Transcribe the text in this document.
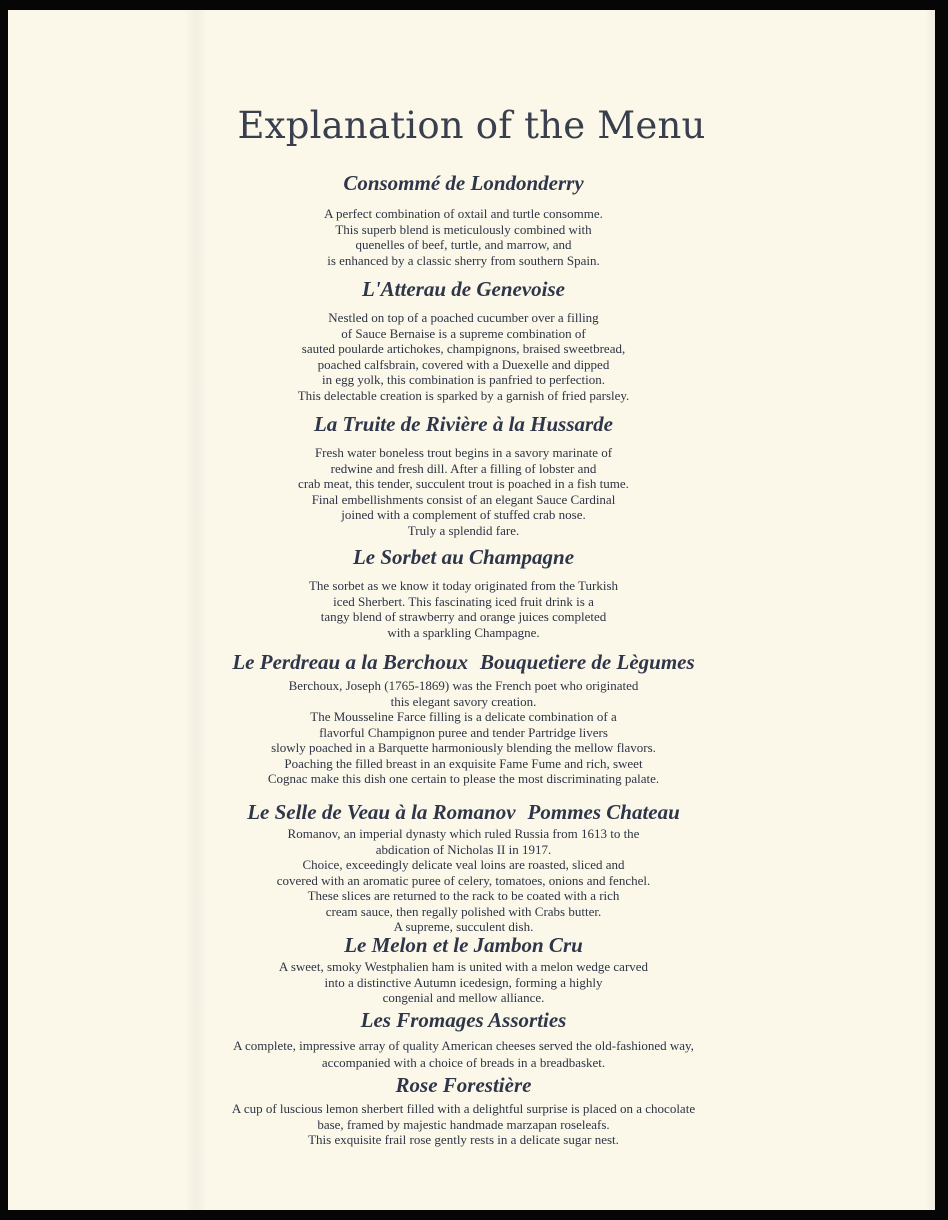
Explanation of the Menu
Consommé de Londonderry
A perfect combination of oxtail and turtle consomme.
This superb blend is meticulously combined with
quenelles of beef, turtle, and marrow, and
is enhanced by a classic sherry from southern Spain.
L'Atterau de Genevoise
Nestled on top of a poached cucumber over a filling
of Sauce Bernaise is a supreme combination of
sauted poularde artichokes, champignons, braised sweetbread,
poached calfsbrain, covered with a Duexelle and dipped
in egg yolk, this combination is panfried to perfection.
This delectable creation is sparked by a garnish of fried parsley.
La Truite de Rivière à la Hussarde
Fresh water boneless trout begins in a savory marinate of
redwine and fresh dill. After a filling of lobster and
crab meat, this tender, succulent trout is poached in a fish tume.
Final embellishments consist of an elegant Sauce Cardinal
joined with a complement of stuffed crab nose.
Truly a splendid fare.
Le Sorbet au Champagne
The sorbet as we know it today originated from the Turkish
iced Sherbert. This fascinating iced fruit drink is a
tangy blend of strawberry and orange juices completed
with a sparkling Champagne.
Le Perdreau a la Berchoux Bouquetiere de Lègumes
Berchoux, Joseph (1765-1869) was the French poet who originated
this elegant savory creation.
The Mousseline Farce filling is a delicate combination of a
flavorful Champignon puree and tender Partridge livers
slowly poached in a Barquette harmoniously blending the mellow flavors.
Poaching the filled breast in an exquisite Fame Fume and rich, sweet
Cognac make this dish one certain to please the most discriminating palate.
Le Selle de Veau à la Romanov Pommes Chateau
Romanov, an imperial dynasty which ruled Russia from 1613 to the
abdication of Nicholas II in 1917.
Choice, exceedingly delicate veal loins are roasted, sliced and
covered with an aromatic puree of celery, tomatoes, onions and fenchel.
These slices are returned to the rack to be coated with a rich
cream sauce, then regally polished with Crabs butter.
A supreme, succulent dish.
Le Melon et le Jambon Cru
A sweet, smoky Westphalien ham is united with a melon wedge carved
into a distinctive Autumn icedesign, forming a highly
congenial and mellow alliance.
Les Fromages Assorties
A complete, impressive array of quality American cheeses served the old-fashioned way,
accompanied with a choice of breads in a breadbasket.
Rose Forestière
A cup of luscious lemon sherbert filled with a delightful surprise is placed on a chocolate
base, framed by majestic handmade marzapan roseleafs.
This exquisite frail rose gently rests in a delicate sugar nest.
